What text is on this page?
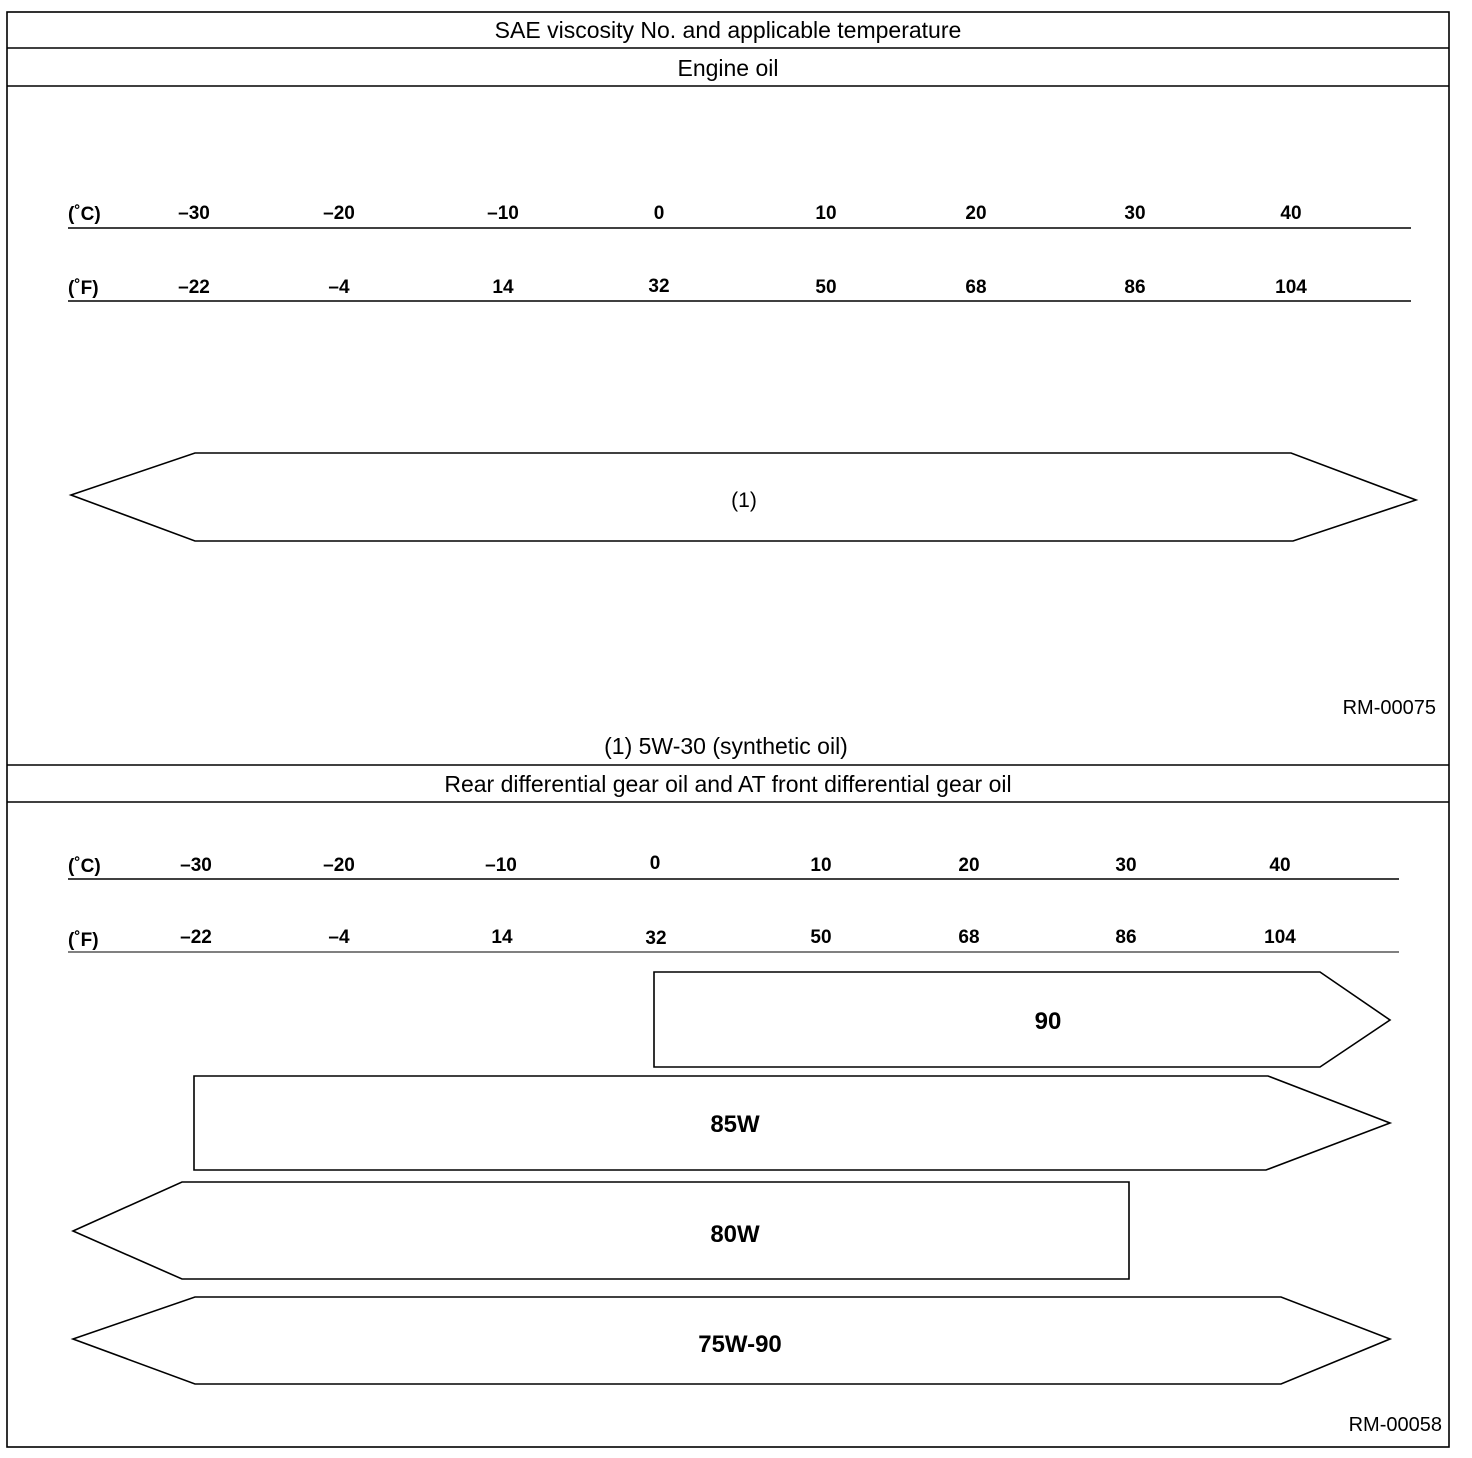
SAE viscosity No. and applicable temperature
Engine oil
(˚C)	–30	–20	–10	0	10	20	30	40
(˚F)	–22	–4	14	32	50	68	86	104
(1)
RM-00075
(1) 5W-30 (synthetic oil)
Rear differential gear oil and AT front differential gear oil
(˚C)	–30	–20	–10	0	10	20	30	40
(˚F)	–22	–4	14	32	50	68	86	104
90
85W
80W
75W-90
RM-00058
